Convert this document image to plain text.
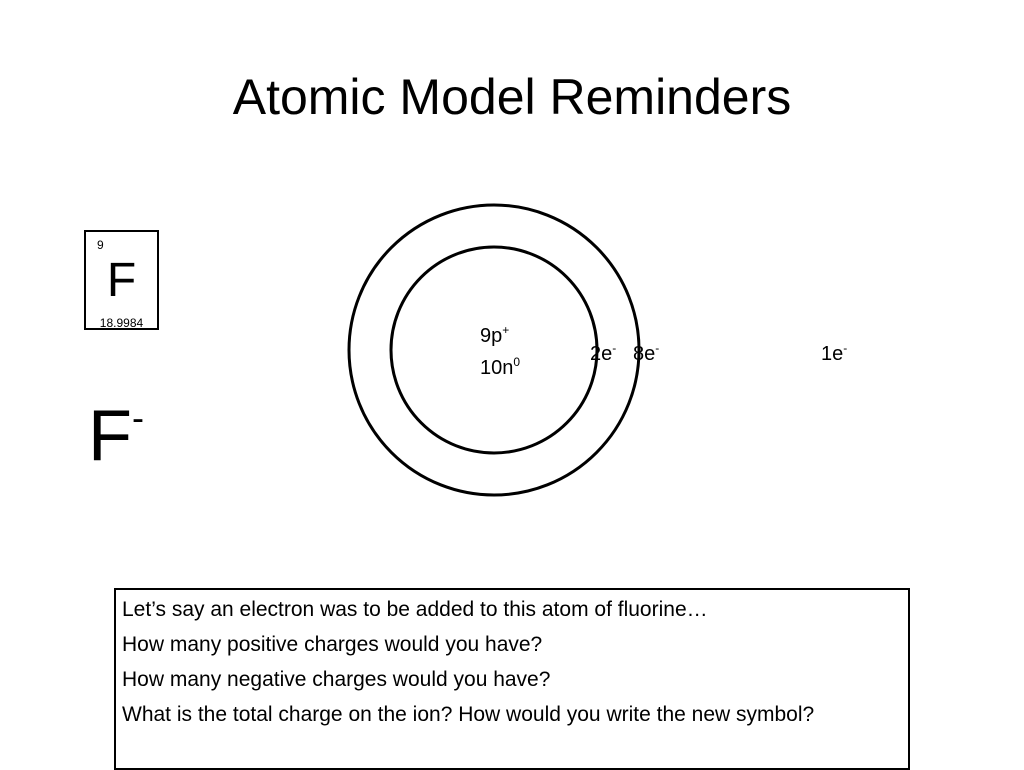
Atomic Model Reminders
9
F
18.9984
F-
9p+
$10n^0$	2e- 8e-	1e-

Let’s say an electron was to be added to this atom of fluorine…

How many positive charges would you have?

How many negative charges would you have?

What is the total charge on the ion? How would you write the new symbol?
